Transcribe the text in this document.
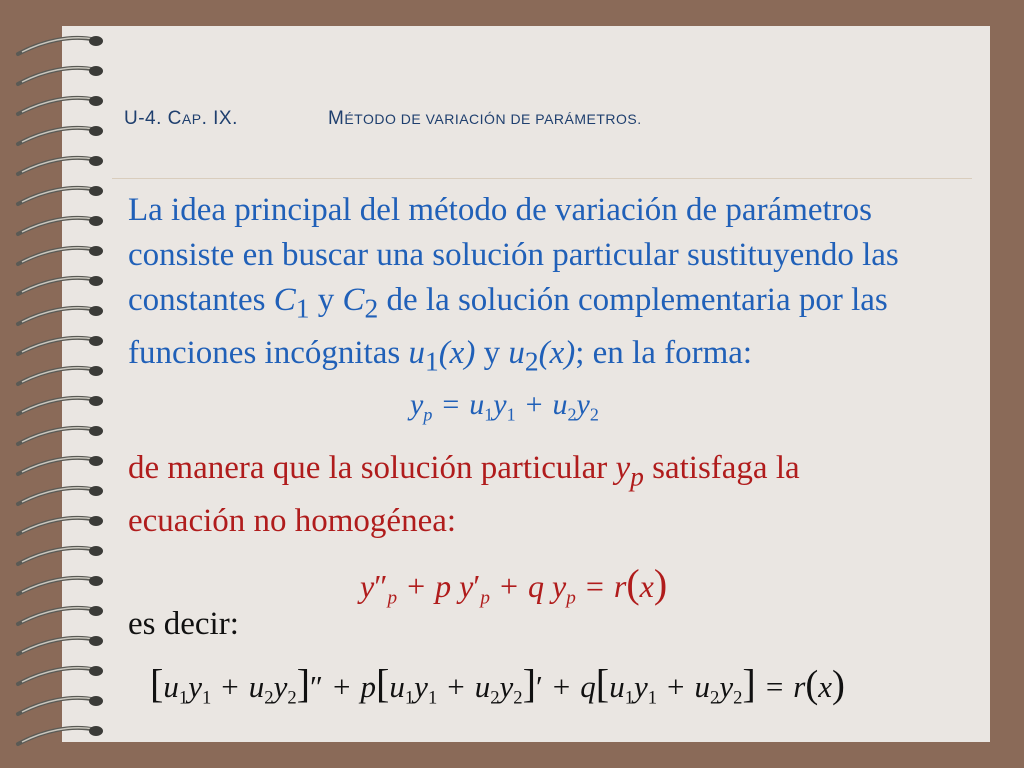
U-4. CAP. IX.	MÉTODO DE VARIACIÓN DE PARÁMETROS.
La idea principal del método de variación de parámetros
consiste en buscar una solución particular sustituyendo las
constantes $C_1$ y $C_2$ de la solución complementaria por las
funciones incógnitas $u_1(x)$ y $u_2(x)$; en la forma:
$y_p = u_1y_1 + u_2y_2$
de manera que la solución particular $y_p$ satisfaga la
ecuación no homogénea:
$y''_p + p$ $y'_p + q$ $y_p = r(x)$
es decir:
$[u_1y_1 + u_2y_2]'' + p[u_1y_1 + u_2y_2]' + q[u_1y_1 + u_2y_2] = r(x)$
